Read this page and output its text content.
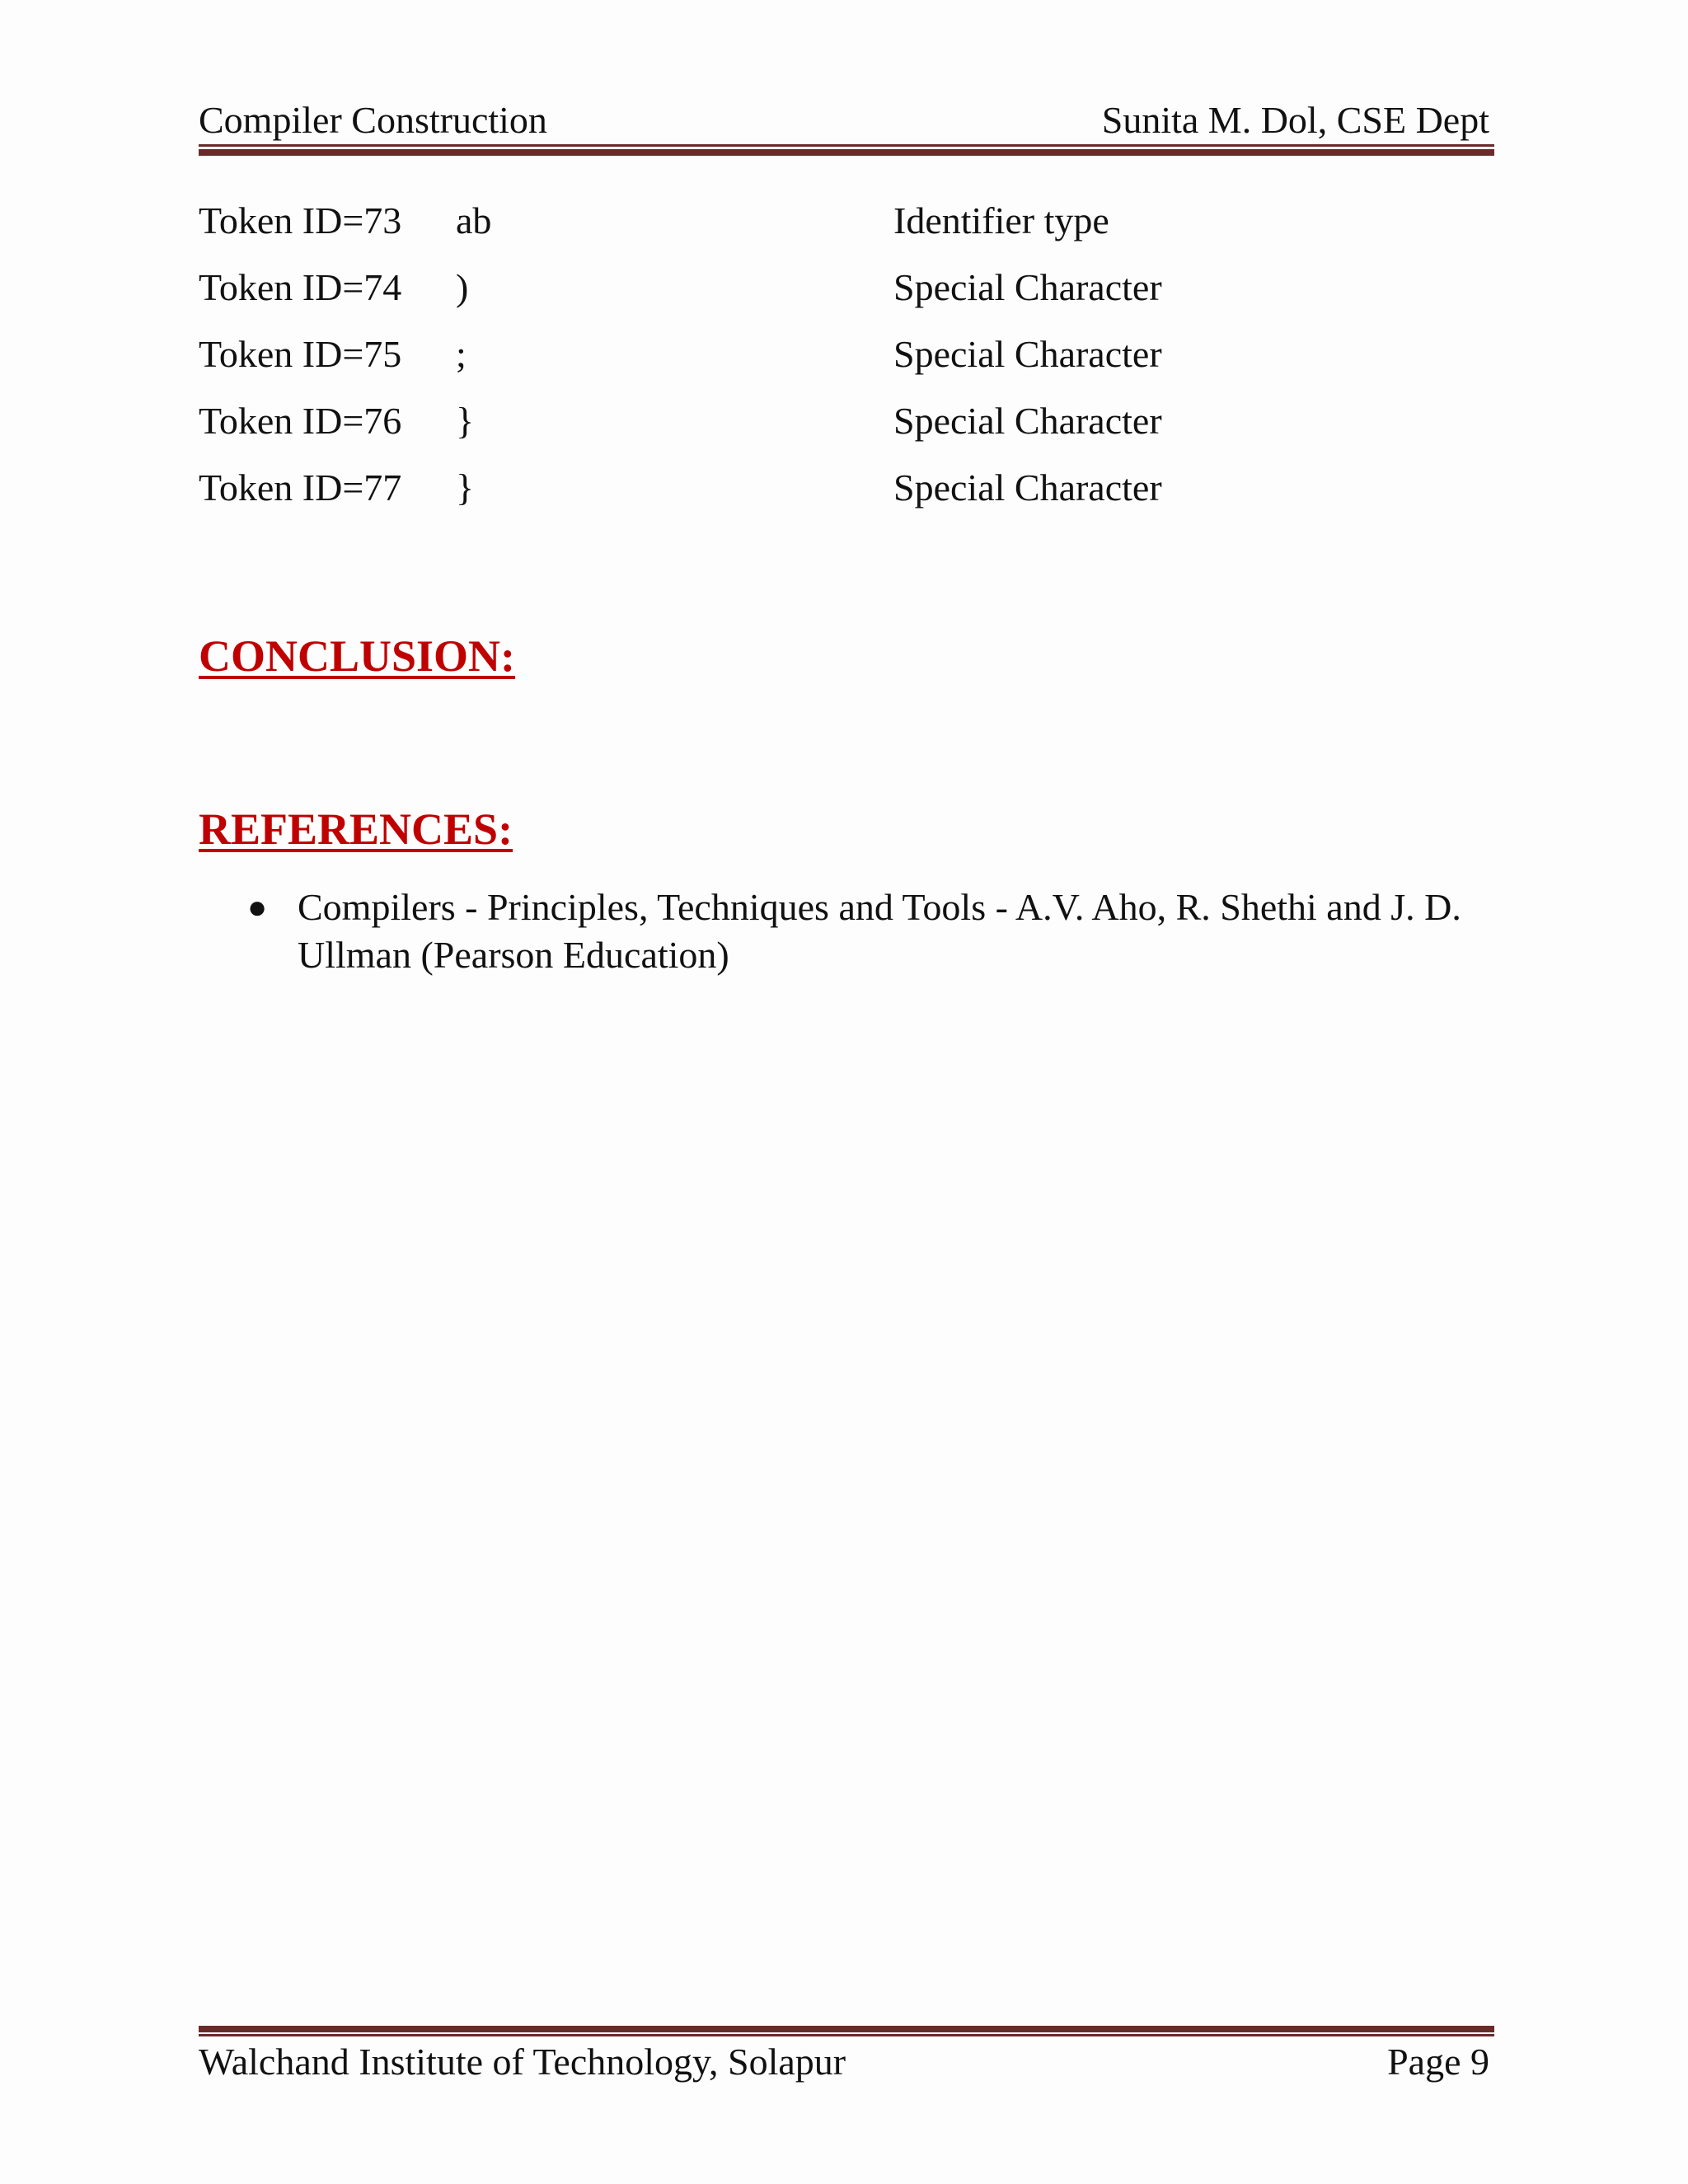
Compiler Construction	Sunita M. Dol, CSE Dept
Token ID=73 ab	Identifier type
Token ID=74 )	Special Character
Token ID=75 ;	Special Character
Token ID=76 }	Special Character
Token ID=77 }	Special Character
CONCLUSION:
REFERENCES:
● Compilers - Principles, Techniques and Tools - A.V. Aho, R. Shethi and J. D. Ullman (Pearson Education)
Walchand Institute of Technology, Solapur	Page 9
